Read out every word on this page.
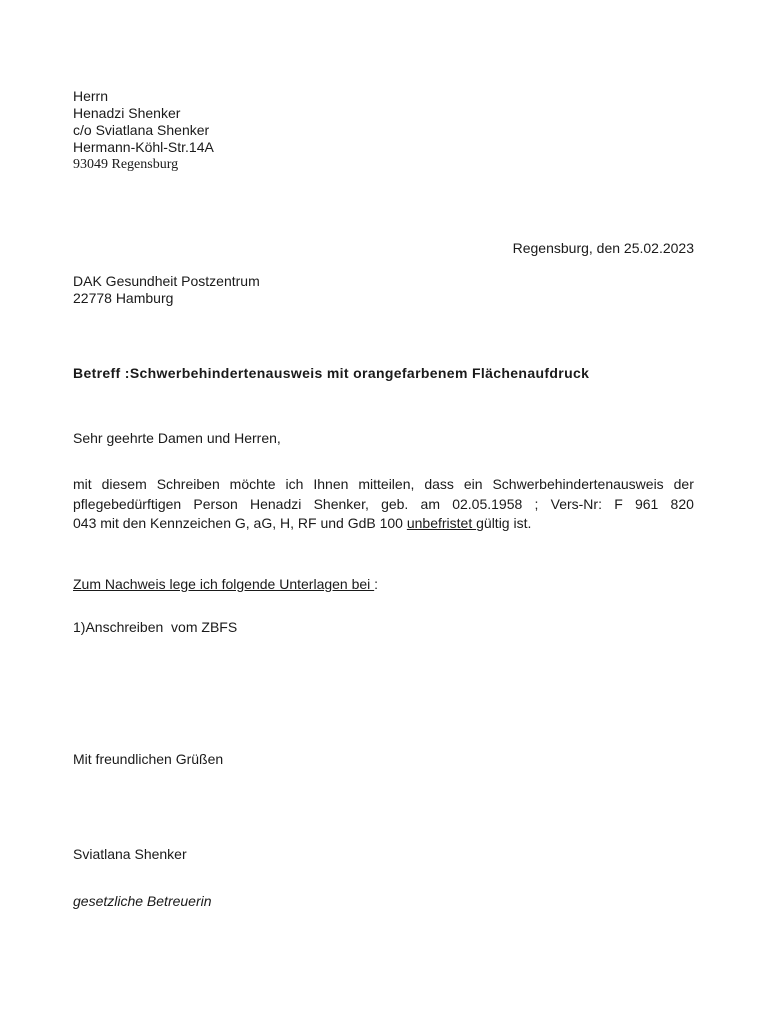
Herrn
Henadzi Shenker
c/o Sviatlana Shenker
Hermann-Köhl-Str.14A
93049 Regensburg
Regensburg, den 25.02.2023
DAK Gesundheit Postzentrum
22778 Hamburg
Betreff :Schwerbehindertenausweis mit orangefarbenem Flächenaufdruck
Sehr geehrte Damen und Herren,
mit diesem Schreiben möchte ich Ihnen mitteilen, dass ein Schwerbehindertenausweis der
pflegebedürftigen Person Henadzi Shenker, geb. am 02.05.1958 ; Vers-Nr: F 961 820
043 mit den Kennzeichen G, aG, H, RF und GdB 100 unbefristet gültig ist.
Zum Nachweis lege ich folgende Unterlagen bei :
1)Anschreiben  vom ZBFS
Mit freundlichen Grüßen
Sviatlana Shenker
gesetzliche Betreuerin
